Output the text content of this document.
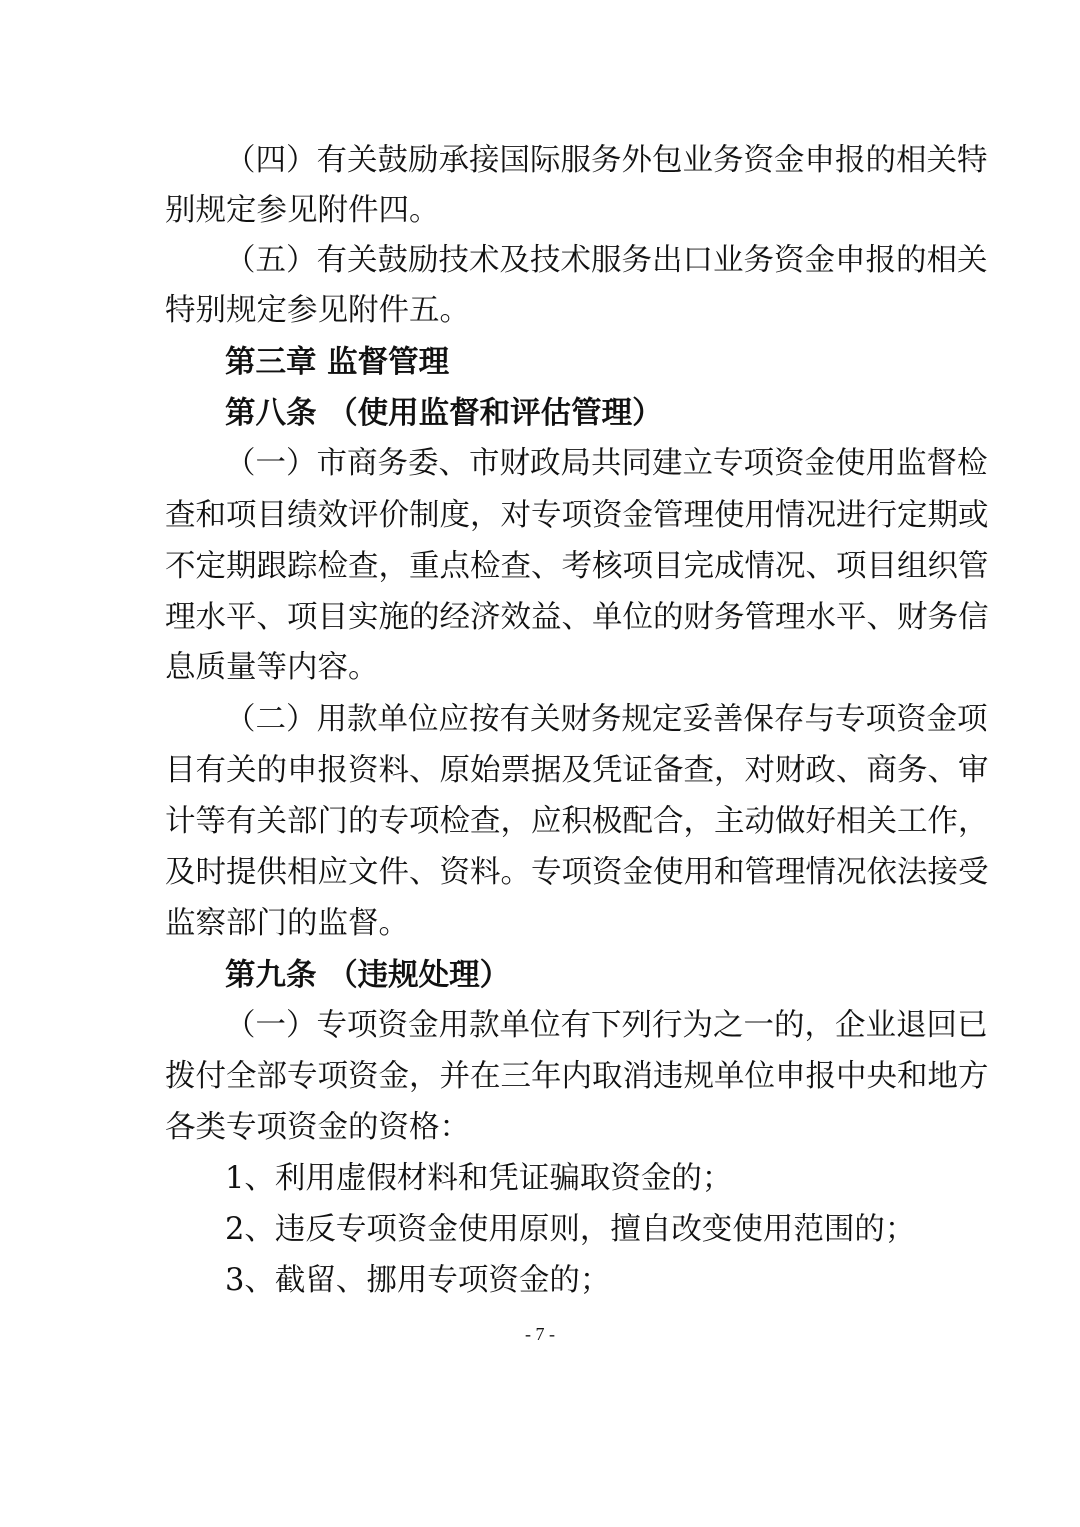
（四）有关鼓励承接国际服务外包业务资金申报的相关特
别规定参见附件四。
（五）有关鼓励技术及技术服务出口业务资金申报的相关
特别规定参见附件五。
第三章 监督管理
第八条 （使用监督和评估管理）
（一）市商务委、市财政局共同建立专项资金使用监督检
查和项目绩效评价制度，对专项资金管理使用情况进行定期或
不定期跟踪检查，重点检查、考核项目完成情况、项目组织管
理水平、项目实施的经济效益、单位的财务管理水平、财务信
息质量等内容。
（二）用款单位应按有关财务规定妥善保存与专项资金项
目有关的申报资料、原始票据及凭证备查，对财政、商务、审
计等有关部门的专项检查，应积极配合，主动做好相关工作，
及时提供相应文件、资料。专项资金使用和管理情况依法接受
监察部门的监督。
第九条 （违规处理）
（一）专项资金用款单位有下列行为之一的，企业退回已
拨付全部专项资金，并在三年内取消违规单位申报中央和地方
各类专项资金的资格：
1、利用虚假材料和凭证骗取资金的；
2、违反专项资金使用原则，擅自改变使用范围的；
3、截留、挪用专项资金的；
- 7 -
